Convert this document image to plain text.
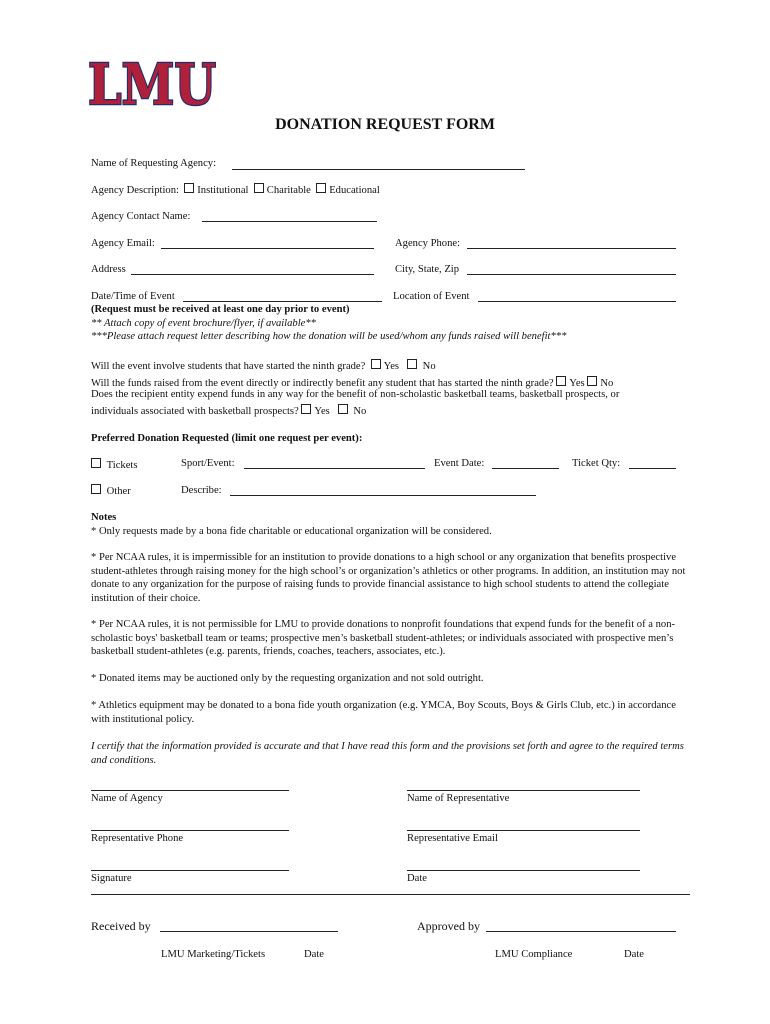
LMU
DONATION REQUEST FORM
Name of Requesting Agency:
Agency Description: Institutional Charitable Educational
Agency Contact Name:
Agency Email:	Agency Phone:
Address	City, State, Zip
Date/Time of Event	Location of Event
(Request must be received at least one day prior to event)
** Attach copy of event brochure/flyer, if available**
***Please attach request letter describing how the donation will be used/whom any funds raised will benefit***
Will the event involve students that have started the ninth grade? Yes No
Will the funds raised from the event directly or indirectly benefit any student that has started the ninth grade? Yes No
Does the recipient entity expend funds in any way for the benefit of non-scholastic basketball teams, basketball prospects, or
individuals associated with basketball prospects? Yes No
Preferred Donation Requested (limit one request per event):
Tickets	Sport/Event:	Event Date:	Ticket Qty:
Other	Describe:
Notes
* Only requests made by a bona fide charitable or educational organization will be considered.
* Per NCAA rules, it is impermissible for an institution to provide donations to a high school or any organization that benefits prospective student-athletes through raising money for the high school’s or organization’s athletics or other programs. In addition, an institution may not donate to any organization for the purpose of raising funds to provide financial assistance to high school students to attend the collegiate institution of their choice.
* Per NCAA rules, it is not permissible for LMU to provide donations to nonprofit foundations that expend funds for the benefit of a non-scholastic boys' basketball team or teams; prospective men’s basketball student-athletes; or individuals associated with prospective men’s basketball student-athletes (e.g. parents, friends, coaches, teachers, associates, etc.).
* Donated items may be auctioned only by the requesting organization and not sold outright.
* Athletics equipment may be donated to a bona fide youth organization (e.g. YMCA, Boy Scouts, Boys & Girls Club, etc.) in accordance with institutional policy.
I certify that the information provided is accurate and that I have read this form and the provisions set forth and agree to the required terms and conditions.
Name of Agency	Name of Representative
Representative Phone	Representative Email
Signature	Date
Received by	Approved by
LMU Marketing/Tickets	Date	LMU Compliance	Date
